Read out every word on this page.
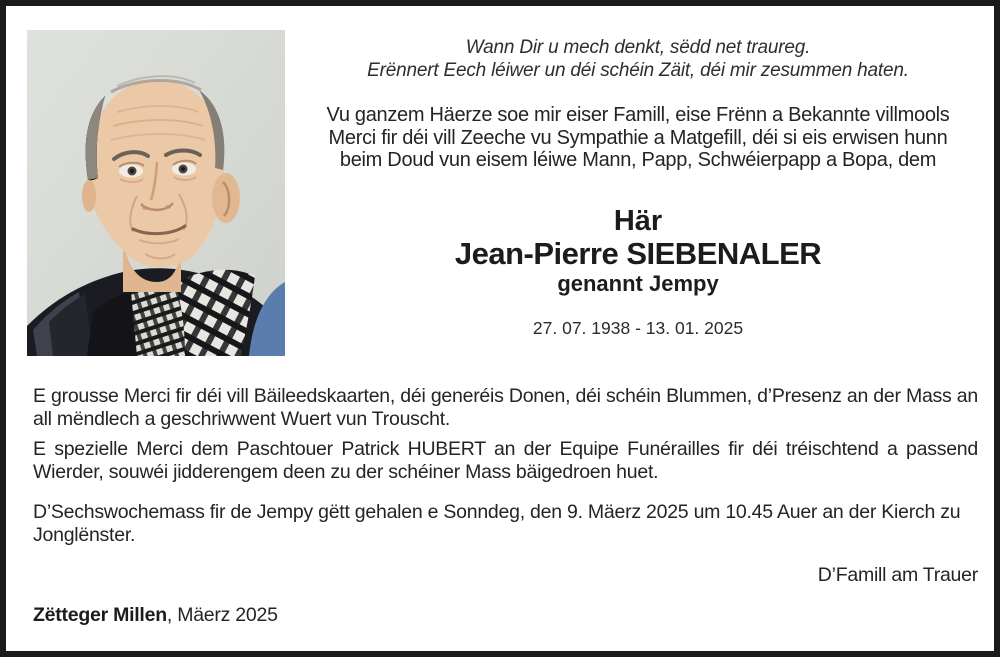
Wann Dir u mech denkt, sëdd net traureg.
Erënnert Eech léiwer un déi schéin Zäit, déi mir zesummen haten.
Vu ganzem Häerze soe mir eiser Famill, eise Frënn a Bekannte villmools Merci fir déi vill Zeeche vu Sympathie a Matgefill, déi si eis erwisen hunn beim Doud vun eisem léiwe Mann, Papp, Schwéierpapp a Bopa, dem
Här
Jean-Pierre SIEBENALER
genannt Jempy
27. 07. 1938 - 13. 01. 2025

E grousse Merci fir déi vill Bäileedskaarten, déi generéis Donen, déi schéin Blummen, d’Presenz an der Mass an all mëndlech a geschriwwent Wuert vun Trouscht.

E spezielle Merci dem Paschtouer Patrick HUBERT an der Equipe Funérailles fir déi tréischtend a passend Wierder, souwéi jidderengem deen zu der schéiner Mass bäigedroen huet.

D’Sechswochemass fir de Jempy gëtt gehalen e Sonndeg, den 9. Mäerz 2025 um 10.45 Auer an der Kierch zu Jonglënster.

D’Famill am Trauer
Zëtteger Millen, Mäerz 2025
